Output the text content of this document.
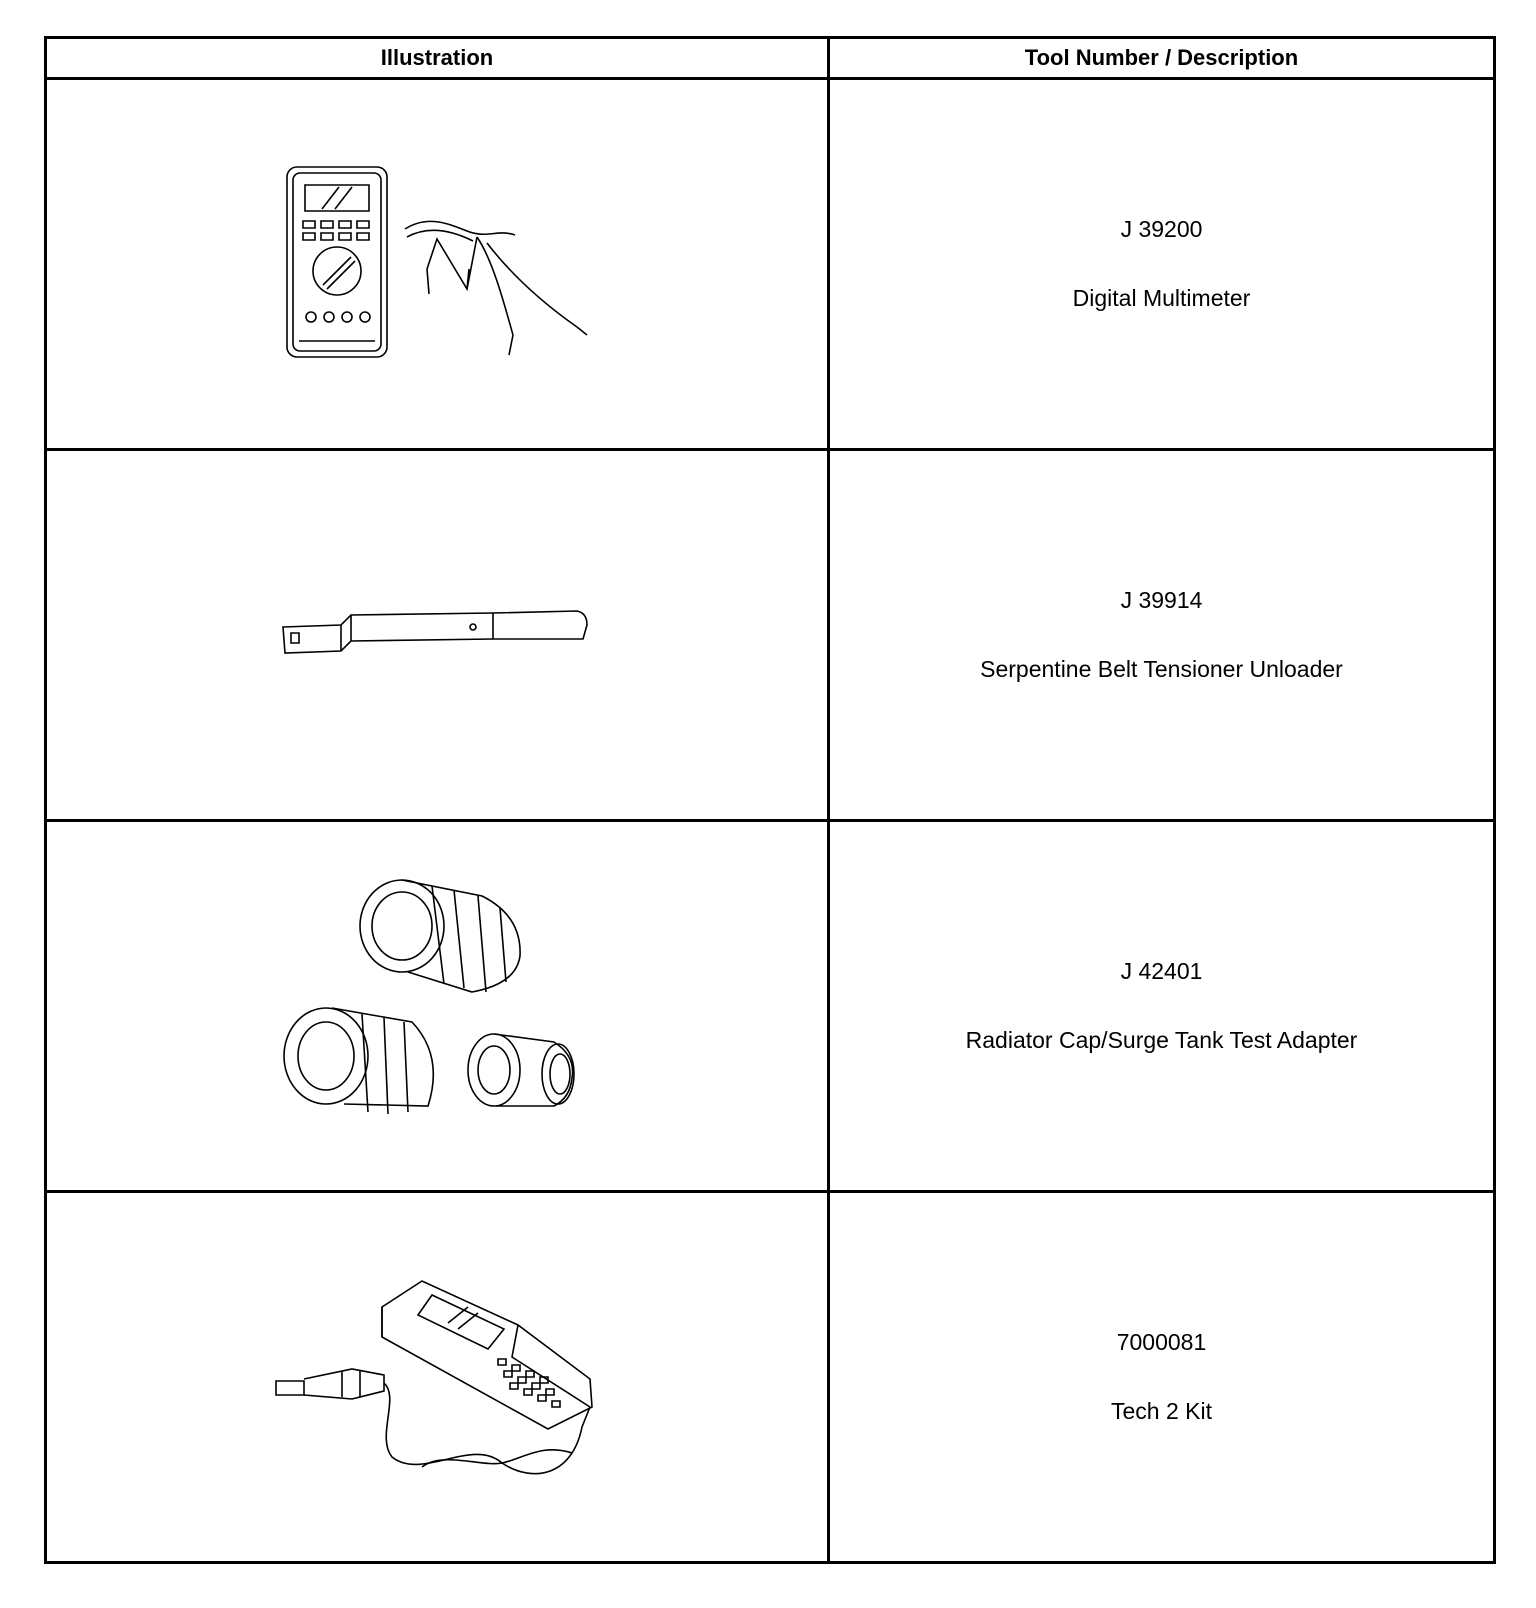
Illustration	Tool Number / Description

J 39200
Digital Multimeter

J 39914
Serpentine Belt Tensioner Unloader

J 42401
Radiator Cap/Surge Tank Test Adapter

7000081
Tech 2 Kit
